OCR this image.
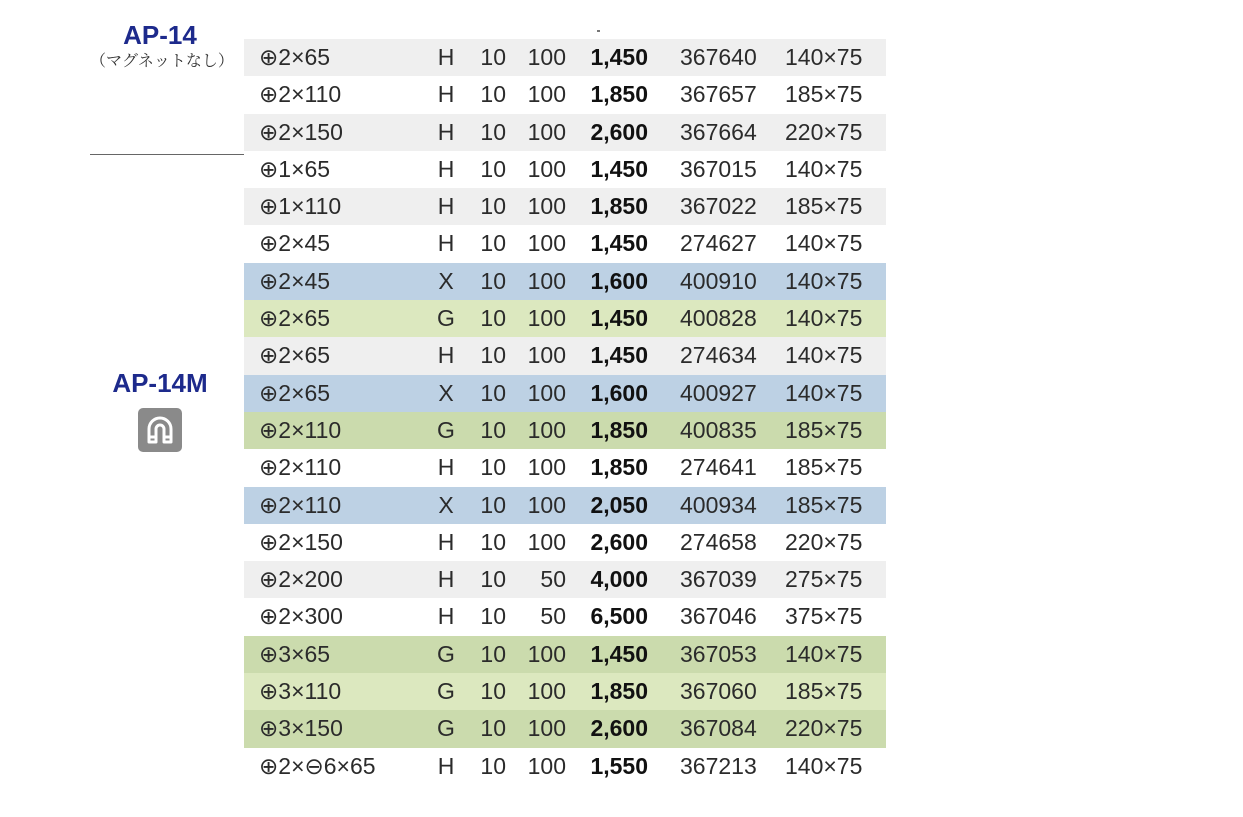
AP-14
（マグネットなし）
AP-14M
⊕2×65	H	10 100	1,450 367640 140×75
⊕2×110	H	10 100	1,850 367657 185×75
⊕2×150	H	10 100	2,600 367664 220×75
⊕1×65	H	10 100	1,450 367015 140×75
⊕1×110	H	10 100	1,850 367022 185×75
⊕2×45	H	10 100	1,450 274627 140×75
⊕2×45	X	10 100	1,600 400910 140×75
⊕2×65	G	10 100	1,450 400828 140×75
⊕2×65	H	10 100	1,450 274634 140×75
⊕2×65	X	10 100	1,600 400927 140×75
⊕2×110	G	10 100	1,850 400835 185×75
⊕2×110	H	10 100	1,850 274641 185×75
⊕2×110	X	10 100	2,050 400934 185×75
⊕2×150	H	10 100	2,600 274658 220×75
⊕2×200	H	10	50	4,000 367039 275×75
⊕2×300	H	10	50	6,500 367046 375×75
⊕3×65	G	10 100	1,450 367053 140×75
⊕3×110	G	10 100	1,850 367060 185×75
⊕3×150	G	10 100	2,600 367084 220×75
⊕2×⊖6×65	H	10 100	1,550 367213 140×75
